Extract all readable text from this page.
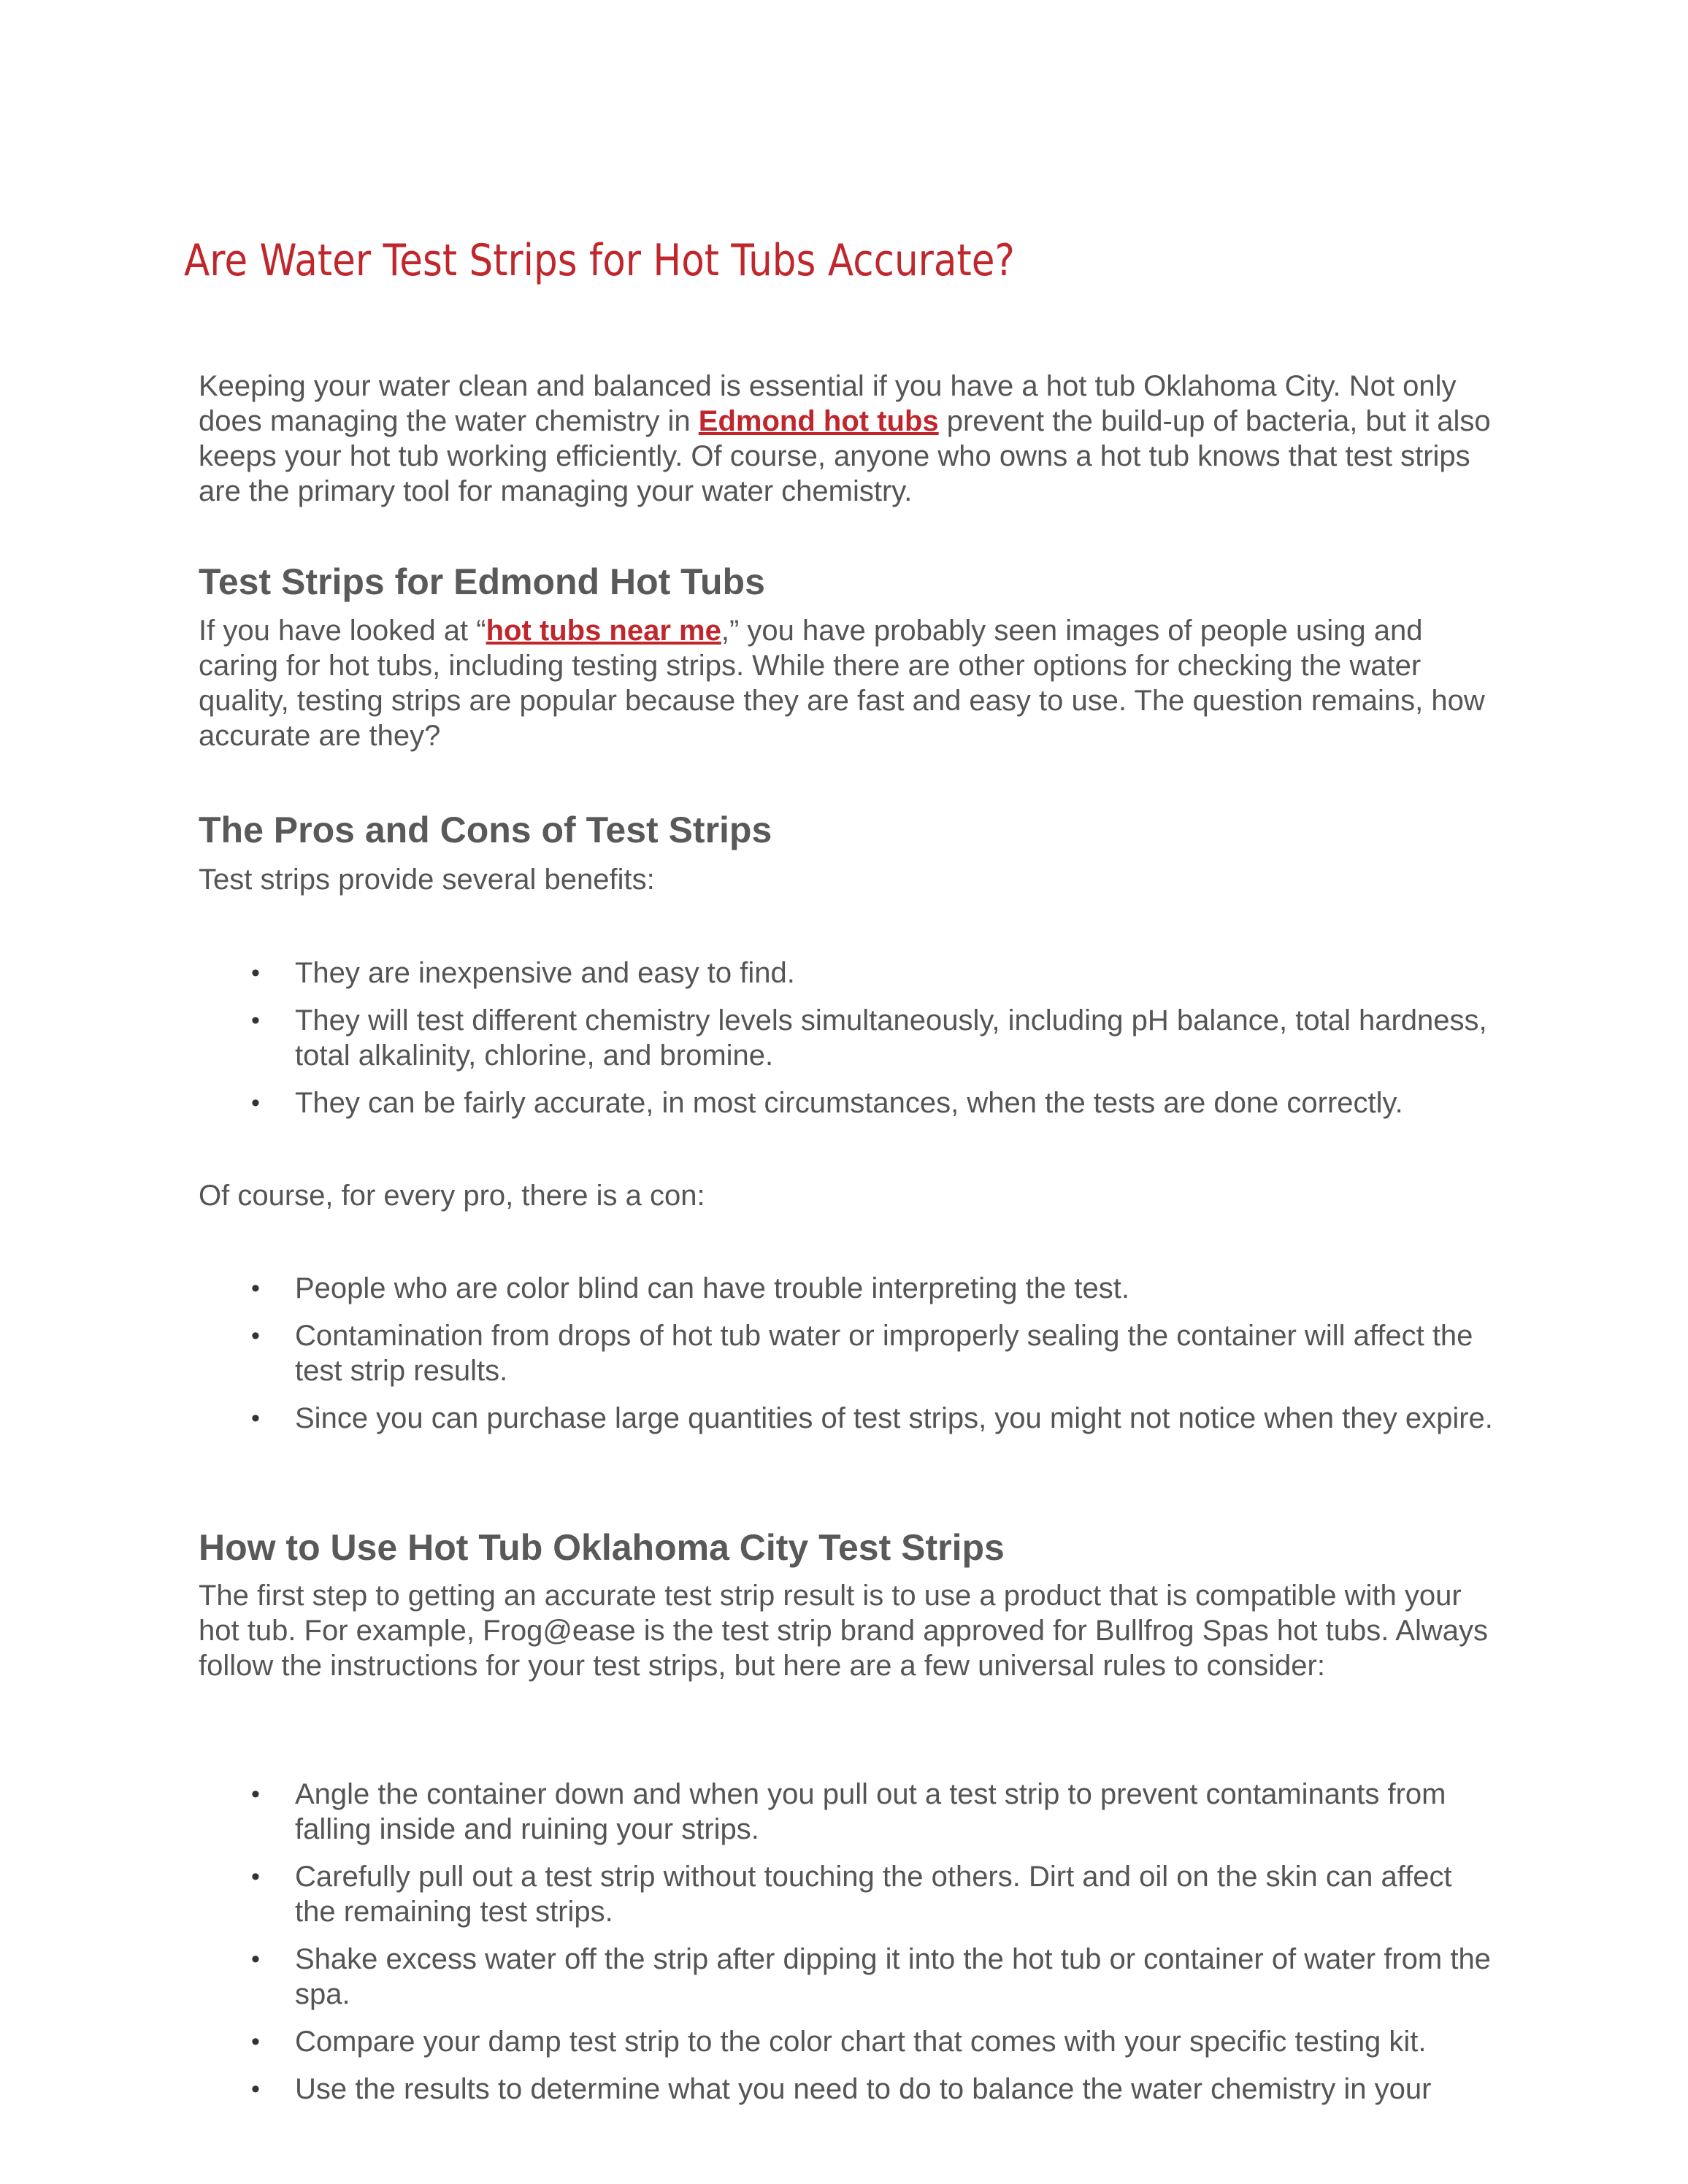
Are Water Test Strips for Hot Tubs Accurate?

Keeping your water clean and balanced is essential if you have a hot tub Oklahoma City. Not only does managing the water chemistry in Edmond hot tubs prevent the build-up of bacteria, but it also keeps your hot tub working efficiently. Of course, anyone who owns a hot tub knows that test strips are the primary tool for managing your water chemistry.

Test Strips for Edmond Hot Tubs

If you have looked at “hot tubs near me,” you have probably seen images of people using and caring for hot tubs, including testing strips. While there are other options for checking the water quality, testing strips are popular because they are fast and easy to use. The question remains, how accurate are they?

The Pros and Cons of Test Strips

Test strips provide several benefits:

• They are inexpensive and easy to find.
• They will test different chemistry levels simultaneously, including pH balance, total hardness, total alkalinity, chlorine, and bromine.
• They can be fairly accurate, in most circumstances, when the tests are done correctly.

Of course, for every pro, there is a con:

• People who are color blind can have trouble interpreting the test.
• Contamination from drops of hot tub water or improperly sealing the container will affect the test strip results.
• Since you can purchase large quantities of test strips, you might not notice when they expire.
How to Use Hot Tub Oklahoma City Test Strips

The first step to getting an accurate test strip result is to use a product that is compatible with your hot tub. For example, Frog@ease is the test strip brand approved for Bullfrog Spas hot tubs. Always follow the instructions for your test strips, but here are a few universal rules to consider:

• Angle the container down and when you pull out a test strip to prevent contaminants from falling inside and ruining your strips.
• Carefully pull out a test strip without touching the others. Dirt and oil on the skin can affect the remaining test strips.
• Shake excess water off the strip after dipping it into the hot tub or container of water from the spa.
• Compare your damp test strip to the color chart that comes with your specific testing kit.
• Use the results to determine what you need to do to balance the water chemistry in your
